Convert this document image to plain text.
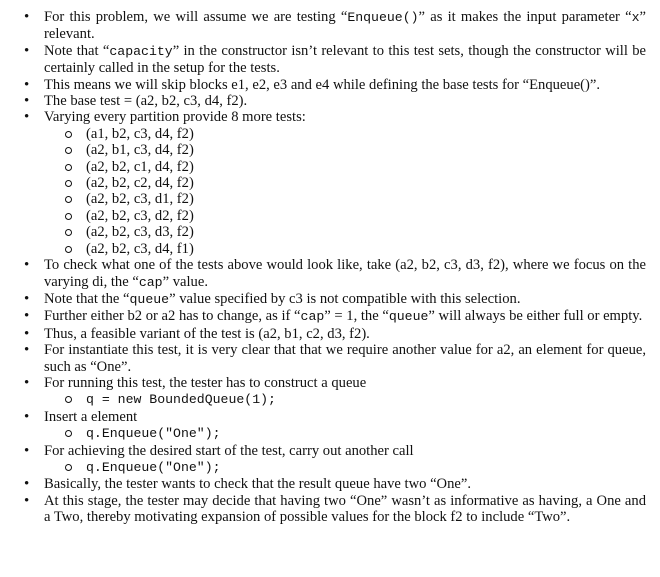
•	For this problem, we will assume we are testing “Enqueue()” as it makes the input parameter “x” relevant.
•	Note that “capacity” in the constructor isn’t relevant to this test sets, though the constructor will be certainly called in the setup for the tests.
•	This means we will skip blocks e1, e2, e3 and e4 while defining the base tests for “Enqueue()”.
•	The base test = (a2, b2, c3, d4, f2).
•	Varying every partition provide 8 more tests:
(a1, b2, c3, d4, f2)
(a2, b1, c3, d4, f2)
(a2, b2, c1, d4, f2)
(a2, b2, c2, d4, f2)
(a2, b2, c3, d1, f2)
(a2, b2, c3, d2, f2)
(a2, b2, c3, d3, f2)
(a2, b2, c3, d4, f1)
•	To check what one of the tests above would look like, take (a2, b2, c3, d3, f2), where we focus on the varying di, the “cap” value.
•	Note that the “queue” value specified by c3 is not compatible with this selection.
•	Further either b2 or a2 has to change, as if “cap” = 1, the “queue” will always be either full or empty.
•	Thus, a feasible variant of the test is (a2, b1, c2, d3, f2).
•	For instantiate this test, it is very clear that that we require another value for a2, an element for queue, such as “One”.
•	For running this test, the tester has to construct a queue
q = new BoundedQueue(1);
•	Insert a element
q.Enqueue("One");
•	For achieving the desired start of the test, carry out another call
q.Enqueue("One");
•	Basically, the tester wants to check that the result queue have two “One”.
•	At this stage, the tester may decide that having two “One” wasn’t as informative as having, a One and a Two, thereby motivating expansion of possible values for the block f2 to include “Two”.
